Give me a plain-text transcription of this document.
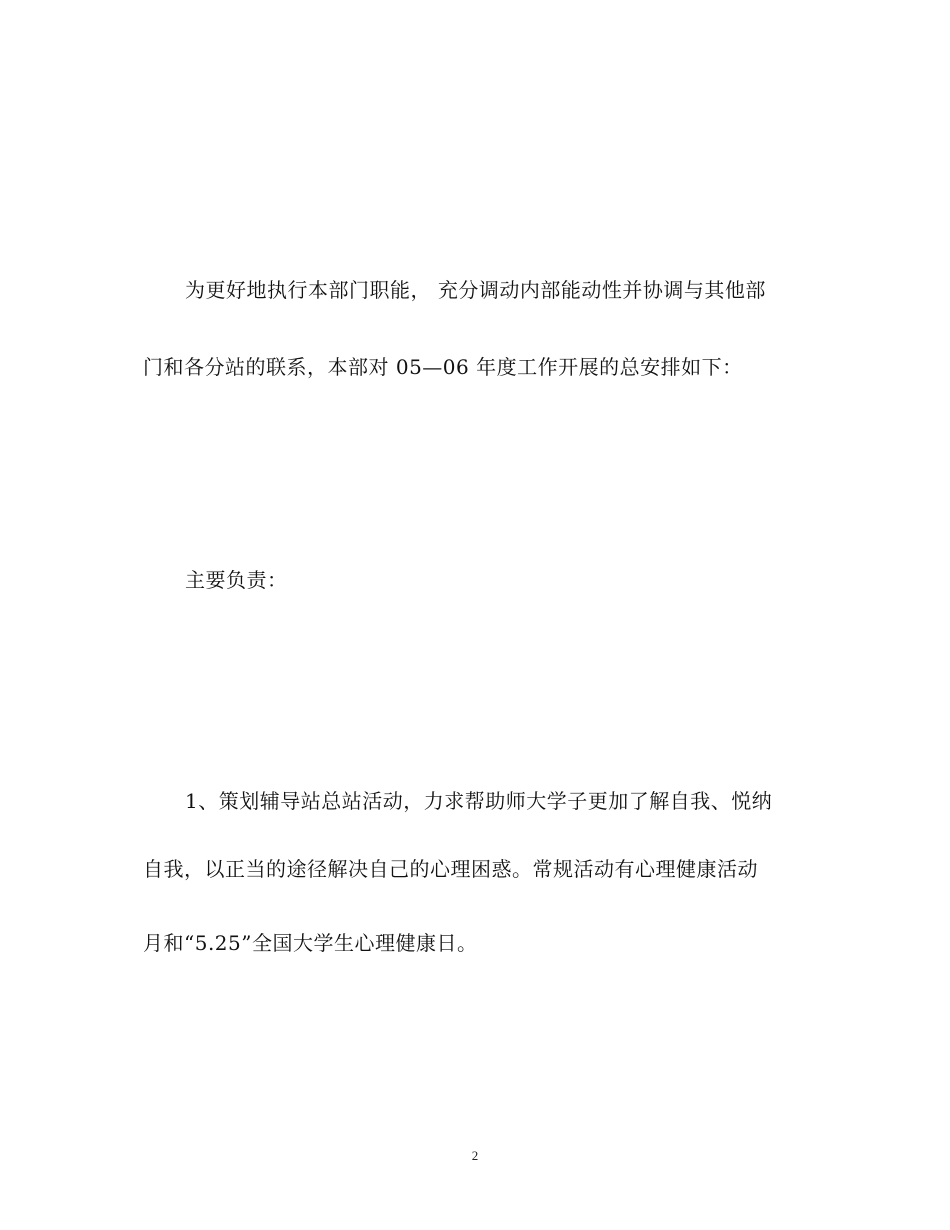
为更好地执行本部门职能， 充分调动内部能动性并协调与其他部
门和各分站的联系，本部对 05—06 年度工作开展的总安排如下：
主要负责：
1、策划辅导站总站活动，力求帮助师大学子更加了解自我、悦纳
自我，以正当的途径解决自己的心理困惑。常规活动有心理健康活动
月和“5.25”全国大学生心理健康日。
2
